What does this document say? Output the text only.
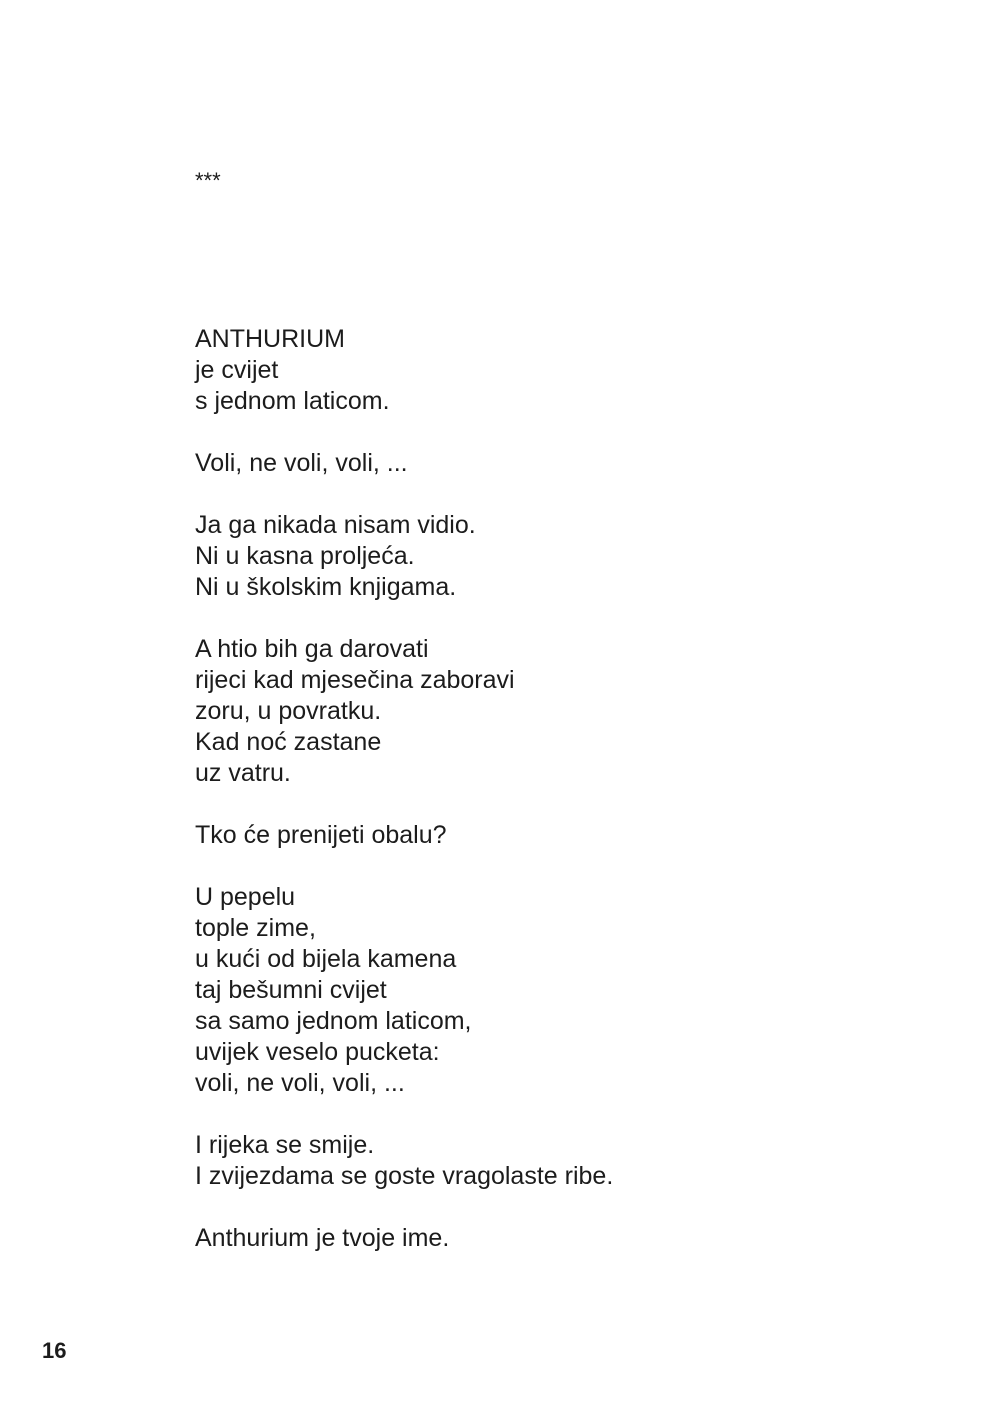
***
ANTHURIUM
je cvijet
s jednom laticom.
Voli, ne voli, voli, ...
Ja ga nikada nisam vidio.
Ni u kasna proljeća.
Ni u školskim knjigama.
A htio bih ga darovati
rijeci kad mjesečina zaboravi
zoru, u povratku.
Kad noć zastane
uz vatru.
Tko će prenijeti obalu?
U pepelu
tople zime,
u kući od bijela kamena
taj bešumni cvijet
sa samo jednom laticom,
uvijek veselo pucketa:
voli, ne voli, voli, ...
I rijeka se smije.
I zvijezdama se goste vragolaste ribe.
Anthurium je tvoje ime.
16
